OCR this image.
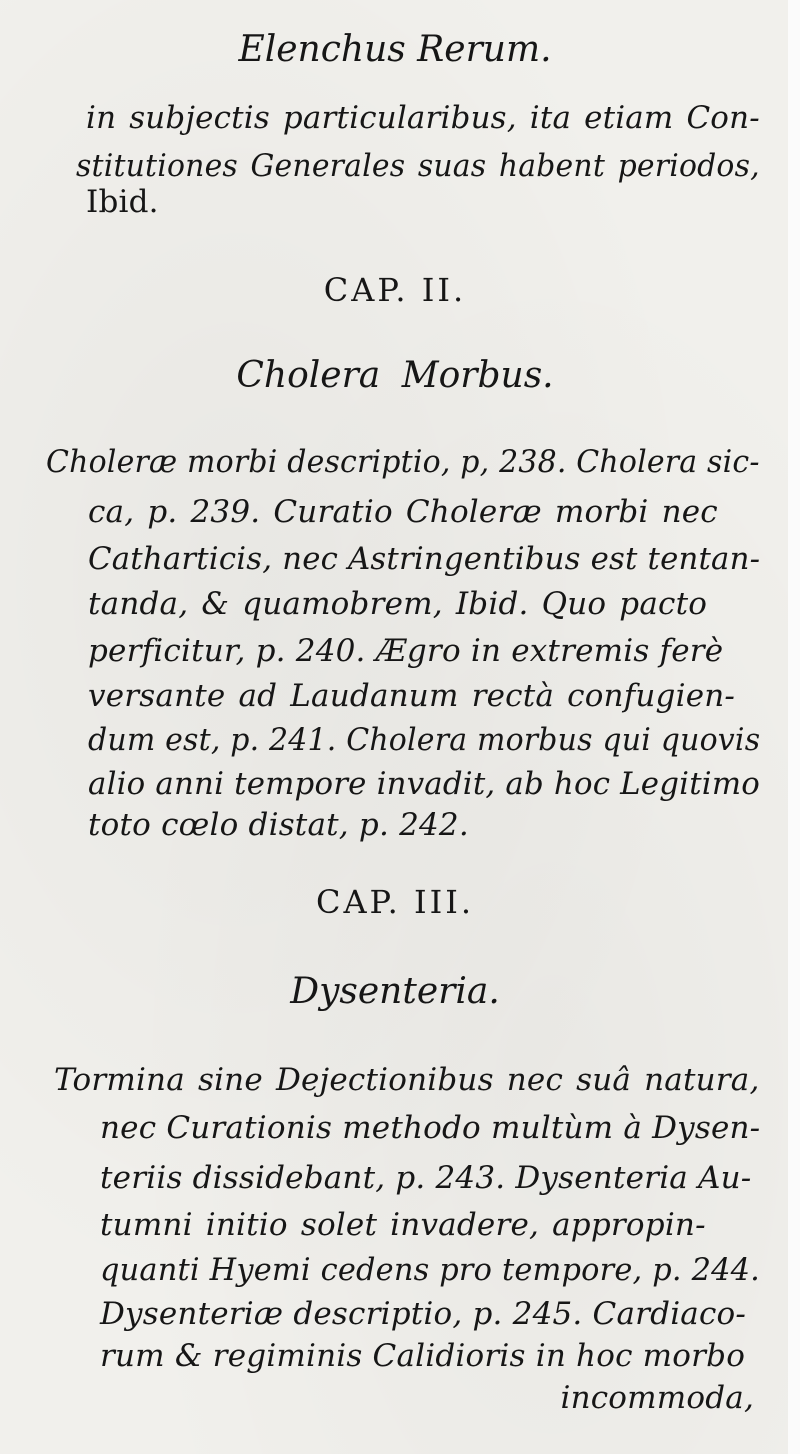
Elenchus Rerum.
in subjectis particularibus, ita etiam Con-
stitutiones Generales suas habent periodos,
Ibid.
CAP. II.
Cholera Morbus.
Choleræ morbi descriptio, p, 238. Cholera sic-
ca, p. 239. Curatio Choleræ morbi nec
Catharticis, nec Astringentibus est tentan-
tanda, & quamobrem, Ibid. Quo pacto
perficitur, p. 240. Ægro in extremis ferè
versante ad Laudanum rectà confugien-
dum est, p. 241. Cholera morbus qui quovis
alio anni tempore invadit, ab hoc Legitimo
toto cœlo distat, p. 242.
CAP. III.
Dysenteria.
Tormina sine Dejectionibus nec suâ natura,
nec Curationis methodo multùm à Dysen-
teriis dissidebant, p. 243. Dysenteria Au-
tumni initio solet invadere, appropin-
quanti Hyemi cedens pro tempore, p. 244.
Dysenteriæ descriptio, p. 245. Cardiaco-
rum & regiminis Calidioris in hoc morbo
incommoda,
